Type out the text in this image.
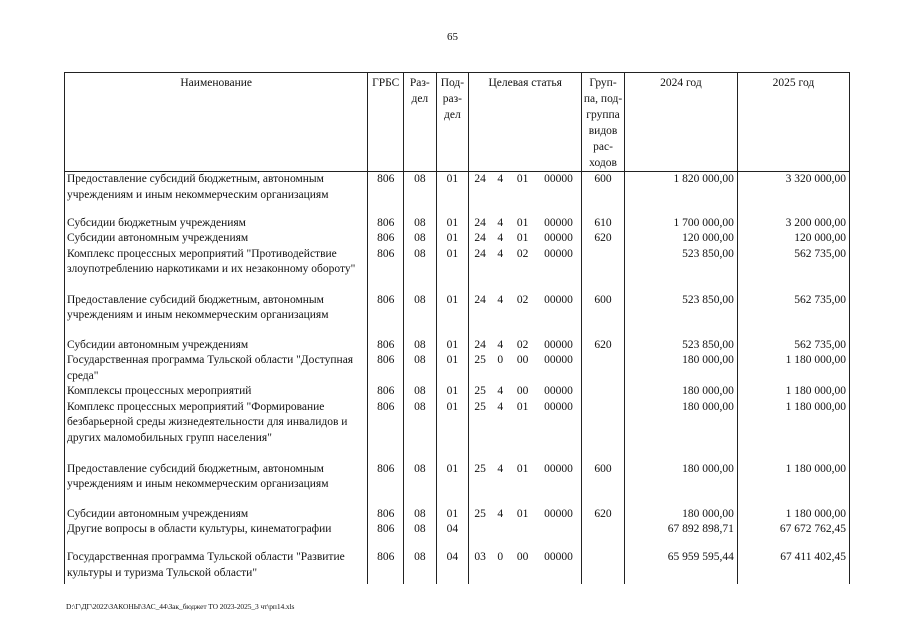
65
Наименование	ГРБС	Раз- дел	Под- раз- дел	Целевая статья				Груп- па, под- группа видов рас- ходов	2024 год	2025 год
Предоставление субсидий бюджетным, автономным учреждениям и иным некоммерческим организациям	806	08	01	24	4	01	00000	600	1 820 000,00	3 320 000,00
Субсидии бюджетным учреждениям	806	08	01	24	4	01	00000	610	1 700 000,00	3 200 000,00
Субсидии автономным учреждениям	806	08	01	24	4	01	00000	620	120 000,00	120 000,00
Комплекс процессных мероприятий "Противодействие злоупотреблению наркотиками и их незаконному обороту"	806	08	01	24	4	02	00000		523 850,00	562 735,00
Предоставление субсидий бюджетным, автономным учреждениям и иным некоммерческим организациям	806	08	01	24	4	02	00000	600	523 850,00	562 735,00
Субсидии автономным учреждениям	806	08	01	24	4	02	00000	620	523 850,00	562 735,00
Государственная программа Тульской области "Доступная среда"	806	08	01	25	0	00	00000		180 000,00	1 180 000,00
Комплексы процессных мероприятий	806	08	01	25	4	00	00000		180 000,00	1 180 000,00
Комплекс процессных мероприятий "Формирование безбарьерной среды жизнедеятельности для инвалидов и других маломобильных групп населения"	806	08	01	25	4	01	00000		180 000,00	1 180 000,00
Предоставление субсидий бюджетным, автономным учреждениям и иным некоммерческим организациям	806	08	01	25	4	01	00000	600	180 000,00	1 180 000,00
Субсидии автономным учреждениям	806	08	01	25	4	01	00000	620	180 000,00	1 180 000,00
Другие вопросы в области культуры, кинематографии	806	08	04						67 892 898,71	67 672 762,45
Государственная программа Тульской области "Развитие культуры и туризма Тульской области"	806	08	04	03	0	00	00000		65 959 595,44	67 411 402,45
D:\Г\ДГ\2022\ЗАКОНЫ\ЗАС_44\Зак_бюджет ТО 2023-2025_3 чт\рп14.xls
